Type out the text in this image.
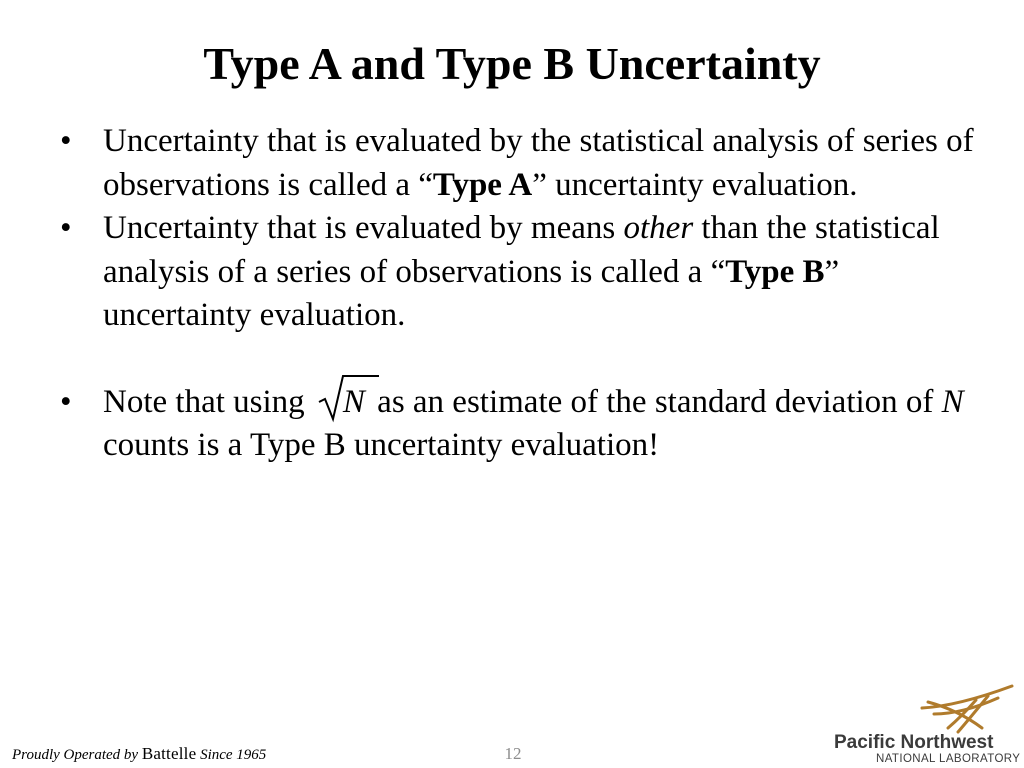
Type A and Type B Uncertainty
• Uncertainty that is evaluated by the statistical analysis of series of observations is called a “Type A” uncertainty evaluation.
• Uncertainty that is evaluated by means other than the statistical analysis of a series of observations is called a “Type B” uncertainty evaluation.
• Note that using
N as an estimate of the standard deviation of N counts is a Type B uncertainty evaluation!
Proudly Operated by Battelle Since 1965	12
Pacific Northwest
NATIONAL LABORATORY
